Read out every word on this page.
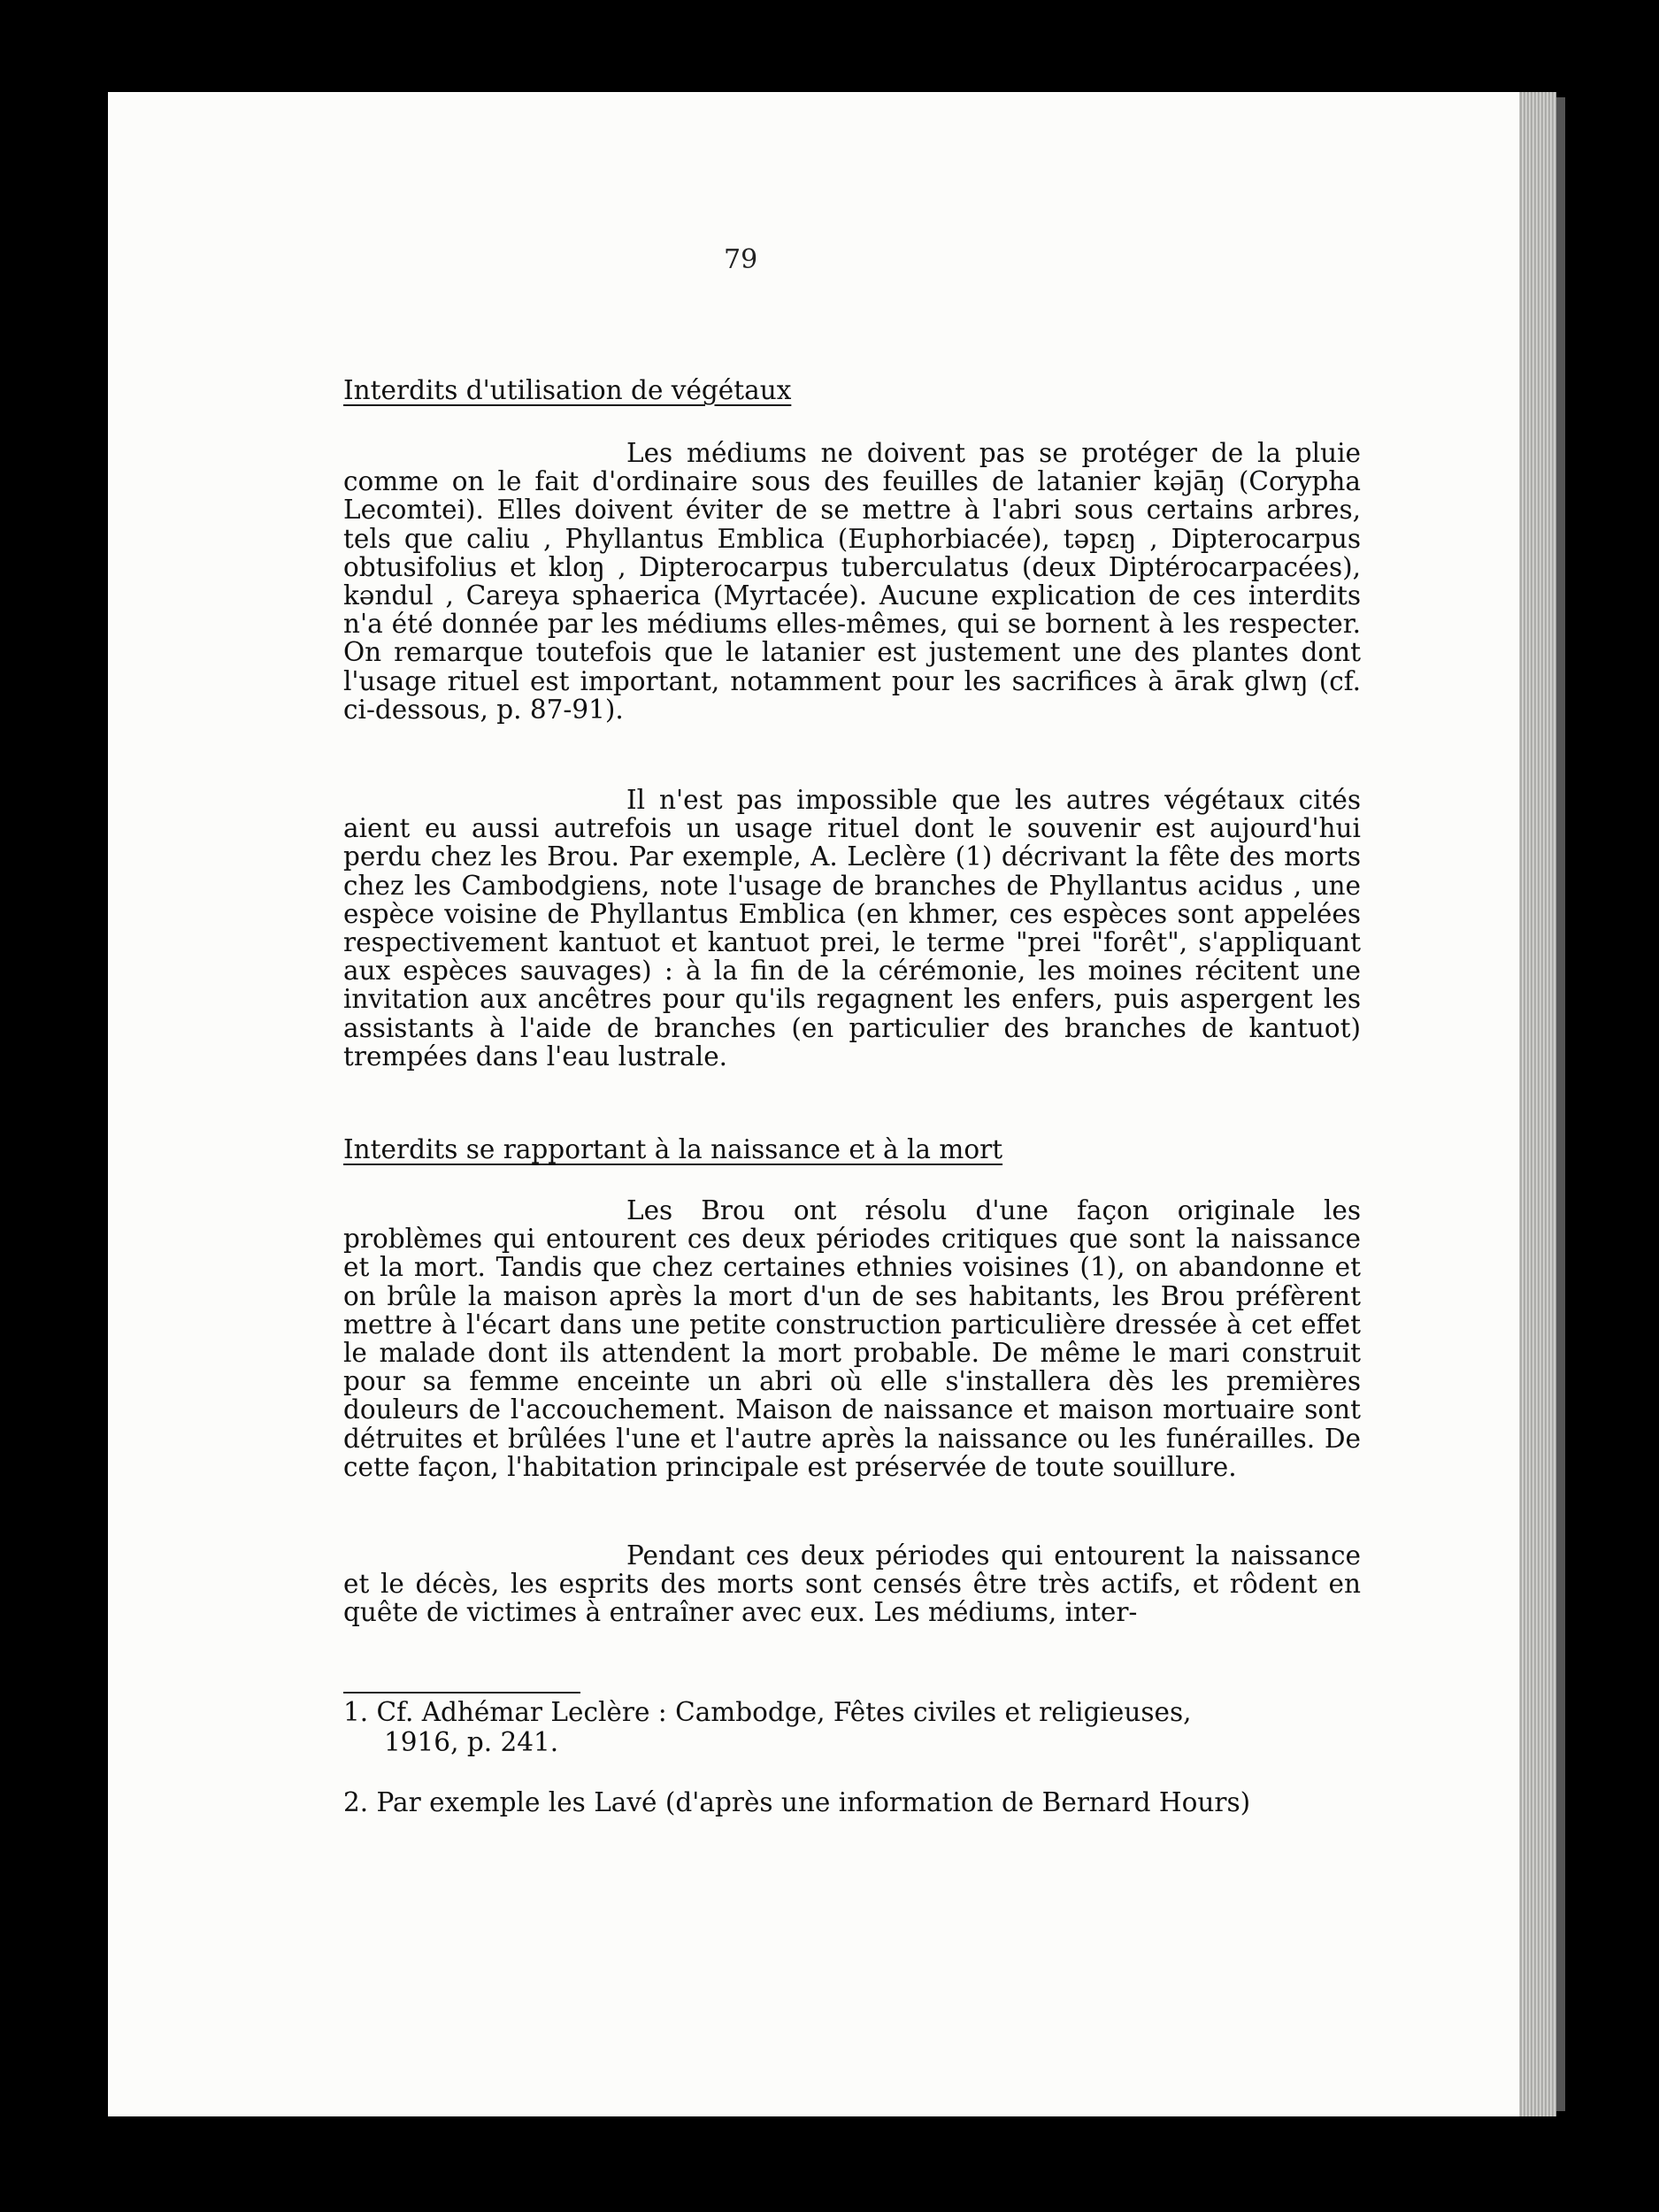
79
Interdits d'utilisation de végétaux
Les médiums ne doivent pas se protéger de la pluie comme on le fait d'ordinaire sous des feuilles de latanier kəjāŋ (Corypha Lecomtei). Elles doivent éviter de se mettre à l'abri sous certains arbres, tels que caliu , Phyllantus Emblica (Euphorbiacée), təpɛŋ , Dipterocarpus obtusifolius et kloŋ , Dipterocarpus tuberculatus (deux Diptérocarpacées), kəndul , Careya sphaerica (Myrtacée). Aucune explication de ces interdits n'a été donnée par les médiums elles-mêmes, qui se bornent à les respecter. On remarque toutefois que le latanier est justement une des plantes dont l'usage rituel est important, notamment pour les sacrifices à ārak glwŋ (cf. ci-dessous, p. 87-91).
Il n'est pas impossible que les autres végétaux cités aient eu aussi autrefois un usage rituel dont le souvenir est aujourd'hui perdu chez les Brou. Par exemple, A. Leclère (1) décrivant la fête des morts chez les Cambodgiens, note l'usage de branches de Phyllantus acidus , une espèce voisine de Phyllantus Emblica (en khmer, ces espèces sont appelées respectivement kantuot et kantuot prei, le terme "prei "forêt", s'appliquant aux espèces sauvages) : à la fin de la cérémonie, les moines récitent une invitation aux ancêtres pour qu'ils regagnent les enfers, puis aspergent les assistants à l'aide de branches (en particulier des branches de kantuot) trempées dans l'eau lustrale.
Interdits se rapportant à la naissance et à la mort
Les Brou ont résolu d'une façon originale les problèmes qui entourent ces deux périodes critiques que sont la naissance et la mort. Tandis que chez certaines ethnies voisines (1), on abandonne et on brûle la maison après la mort d'un de ses habitants, les Brou préfèrent mettre à l'écart dans une petite construction particulière dressée à cet effet le malade dont ils attendent la mort probable. De même le mari construit pour sa femme enceinte un abri où elle s'installera dès les premières douleurs de l'accouchement. Maison de naissance et maison mortuaire sont détruites et brûlées l'une et l'autre après la naissance ou les funérailles. De cette façon, l'habitation principale est préservée de toute souillure.
Pendant ces deux périodes qui entourent la naissance et le décès, les esprits des morts sont censés être très actifs, et rôdent en quête de victimes à entraîner avec eux. Les médiums, inter-
1. Cf. Adhémar Leclère : Cambodge, Fêtes civiles et religieuses,
1916, p. 241.
2. Par exemple les Lavé (d'après une information de Bernard Hours)
